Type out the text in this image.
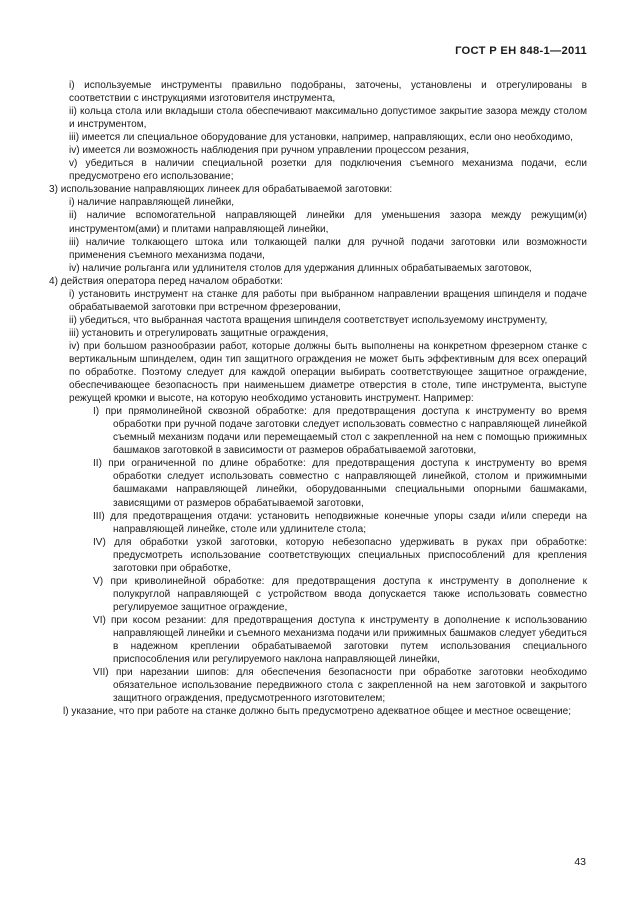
ГОСТ Р ЕН 848-1—2011

i) используемые инструменты правильно подобраны, заточены, установлены и отрегулированы в соответствии с инструкциями изготовителя инструмента,

ii) кольца стола или вкладыши стола обеспечивают максимально допустимое закрытие зазора между столом и инструментом,

iii) имеется ли специальное оборудование для установки, например, направляющих, если оно необходимо,

iv) имеется ли возможность наблюдения при ручном управлении процессом резания,

v) убедиться в наличии специальной розетки для подключения съемного механизма подачи, если предусмотрено его использование;

3) использование направляющих линеек для обрабатываемой заготовки:

i) наличие направляющей линейки,

ii) наличие вспомогательной направляющей линейки для уменьшения зазора между режущим(и) инструментом(ами) и плитами направляющей линейки,

iii) наличие толкающего штока или толкающей палки для ручной подачи заготовки или возможности применения съемного механизма подачи,

iv) наличие рольганга или удлинителя столов для удержания длинных обрабатываемых заготовок,

4) действия оператора перед началом обработки:

i) установить инструмент на станке для работы при выбранном направлении вращения шпинделя и подаче обрабатываемой заготовки при встречном фрезеровании,

ii) убедиться, что выбранная частота вращения шпинделя соответствует используемому инструменту,

iii) установить и отрегулировать защитные ограждения,

iv) при большом разнообразии работ, которые должны быть выполнены на конкретном фрезерном станке с вертикальным шпинделем, один тип защитного ограждения не может быть эффективным для всех операций по обработке. Поэтому следует для каждой операции выбирать соответствующее защитное ограждение, обеспечивающее безопасность при наименьшем диаметре отверстия в столе, типе инструмента, выступе режущей кромки и высоте, на которую необходимо установить инструмент. Например:

I) при прямолинейной сквозной обработке: для предотвращения доступа к инструменту во время обработки при ручной подаче заготовки следует использовать совместно с направляющей линейкой съемный механизм подачи или перемещаемый стол с закрепленной на нем с помощью прижимных башмаков заготовкой в зависимости от размеров обрабатываемой заготовки,

II) при ограниченной по длине обработке: для предотвращения доступа к инструменту во время обработки следует использовать совместно с направляющей линейкой, столом и прижимными башмаками направляющей линейки, оборудованными специальными опорными башмаками, зависящими от размеров обрабатываемой заготовки,

III) для предотвращения отдачи: установить неподвижные конечные упоры сзади и/или спереди на направляющей линейке, столе или удлинителе стола;

IV) для обработки узкой заготовки, которую небезопасно удерживать в руках при обработке: предусмотреть использование соответствующих специальных приспособлений для крепления заготовки при обработке,

V) при криволинейной обработке: для предотвращения доступа к инструменту в дополнение к полукруглой направляющей с устройством ввода допускается также использовать совместно регулируемое защитное ограждение,

VI) при косом резании: для предотвращения доступа к инструменту в дополнение к использованию направляющей линейки и съемного механизма подачи или прижимных башмаков следует убедиться в надежном креплении обрабатываемой заготовки путем использования специального приспособления или регулируемого наклона направляющей линейки,

VII) при нарезании шипов: для обеспечения безопасности при обработке заготовки необходимо обязательное использование передвижного стола с закрепленной на нем заготовкой и закрытого защитного ограждения, предусмотренного изготовителем;

l) указание, что при работе на станке должно быть предусмотрено адекватное общее и местное освещение;

43
